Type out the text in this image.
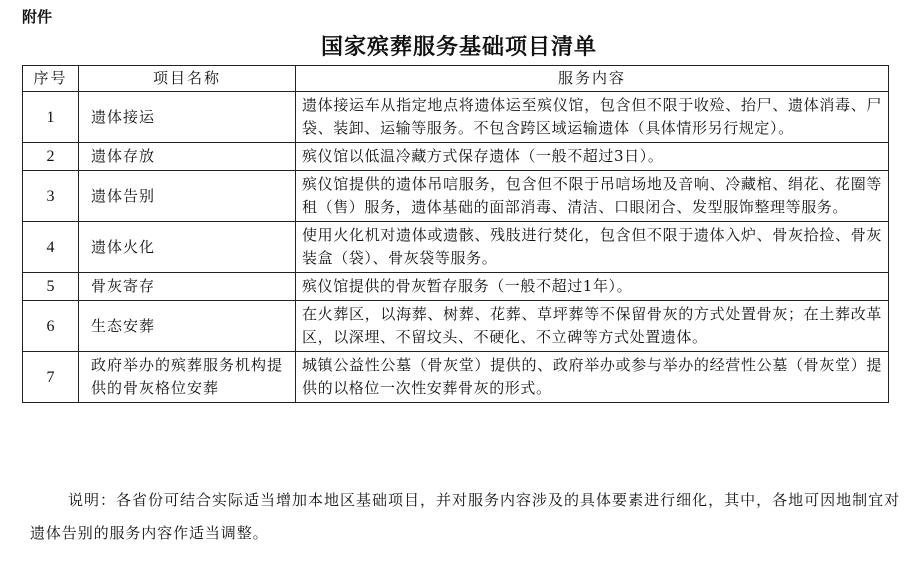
附件
国家殡葬服务基础项目清单
序号	项目名称	服务内容
1	遗体接运	遗体接运车从指定地点将遗体运至殡仪馆，包含但不限于收殓、抬尸、遗体消毒、尸袋、装卸、运输等服务。不包含跨区域运输遗体（具体情形另行规定）。
2	遗体存放	殡仪馆以低温冷藏方式保存遗体（一般不超过3日）。
3	遗体告别	殡仪馆提供的遗体吊唁服务，包含但不限于吊唁场地及音响、冷藏棺、绢花、花圈等租（售）服务，遗体基础的面部消毒、清洁、口眼闭合、发型服饰整理等服务。
4	遗体火化	使用火化机对遗体或遗骸、残肢进行焚化，包含但不限于遗体入炉、骨灰拾捡、骨灰装盒（袋）、骨灰袋等服务。
5	骨灰寄存	殡仪馆提供的骨灰暂存服务（一般不超过1年）。
6	生态安葬	在火葬区，以海葬、树葬、花葬、草坪葬等不保留骨灰的方式处置骨灰；在土葬改革区，以深埋、不留坟头、不硬化、不立碑等方式处置遗体。
7	政府举办的殡葬服务机构提供的骨灰格位安葬	城镇公益性公墓（骨灰堂）提供的、政府举办或参与举办的经营性公墓（骨灰堂）提供的以格位一次性安葬骨灰的形式。
说明：各省份可结合实际适当增加本地区基础项目，并对服务内容涉及的具体要素进行细化，其中，各地可因地制宜对遗体告别的服务内容作适当调整。
